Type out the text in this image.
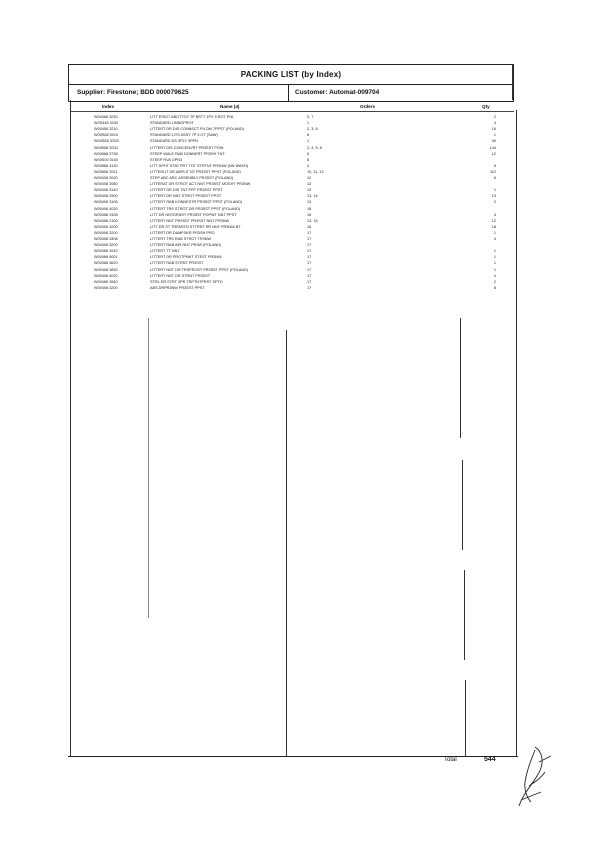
PACKING LIST (by Index)
Supplier: Firestone; BDD 000079625	Customer: Automat-009704
Index	Name (4)	Orders	Qty
W00468 3230	LITT ERIO7 ABOTTOY 7P BSTT 1PX 5 ROT PNL	5, 7	2
W0S448 3230	STANDARD LINNOPROT	1	4
W00458 3210	LITTERT DR DIS CONNSCT PILOM 7PPST (POLAND)	2, 3, 8	16
W00S68 5010	STANDARD LITS ASSY 7P 3 OT (SAW)	8	1
W00S8S 3S20	STANDARD DS 3PLY 3PPN	1	40
W00908 3S31	LITTERT DIS CONCENVRT PR3SST POW	2, 4, 5, 8	144
W00868 3738	STEEP WALE RAB DONNERT PR3SH TNT	5	12
W00S00 0100	STEEP RVA OPN3	8
W00868 3130	LITT SPHT STAT PRT TOT STRTNT PR3NW (NN WASH)	4	5
W00808 2021	LITTERLIT DR ABPLIT NT PR3SST PPST (POLAND)	10, 11, 12	112
W00408 2020	STEP ABC ARC ASSEMBLY PR3SST (POLAND)	12	6
W00408 2080	LITTERAT DR STROT ACT NNT PR3SST MOSHT PR3NW	12
W00408 3140	LITTERT DR DIS TNT PRT PR3SST PPST	13	1
W00408 2900	LITTERT DR NNT STROT PR3SST PPST	13, 14	13
W00408 3108	LITTERT RAB KONNESTR PR3SST PPST (POLAND)	13	2
W00408 4030	LITTERT TRS STROT DR PR3SST PPST (POLAND)	18
W00458 3108	LITT DR NNTDRNST PR3SST POPWT NNT PPST	15	4
W00458 2100	LITTERT NNT PR3SST PR3SST NNT PR3NW	13, 15	12
W00408 3200	LITT DR ST TRPARTN STTRNT RR NNT PR3NW BT	16	18
W00408 3200	LITTERT DR DAMPSKR PR3SH PRO	17	1
W00408 3308	LITTERT TRS RAB STROT TR3NW	17	4
W00408 3200	LITTERT RAB AIR NNT PR3W (POLAND)	17
W00468 3910	LITTERT TT NNT	17	1
W00468 9001	LITTERT DR PROTPNNT STEST PR3NW	17	1
W00368 3620	LITTERT RAB STRNT PR3SST	17	1
W00408 3830	LITTERT NNT DR TRSPROST PR3SST PPST (POLAND)	17	1
W00408 4020	LITTERT NNT DR STRNT PR3SST	17	4
W00468 3940	STRL DR STRT 3PR TRPTNTPRST SPTD	17	2
W00408 3200	ABS DRPR3NW PR3SST PPST	17	8
Total	544
